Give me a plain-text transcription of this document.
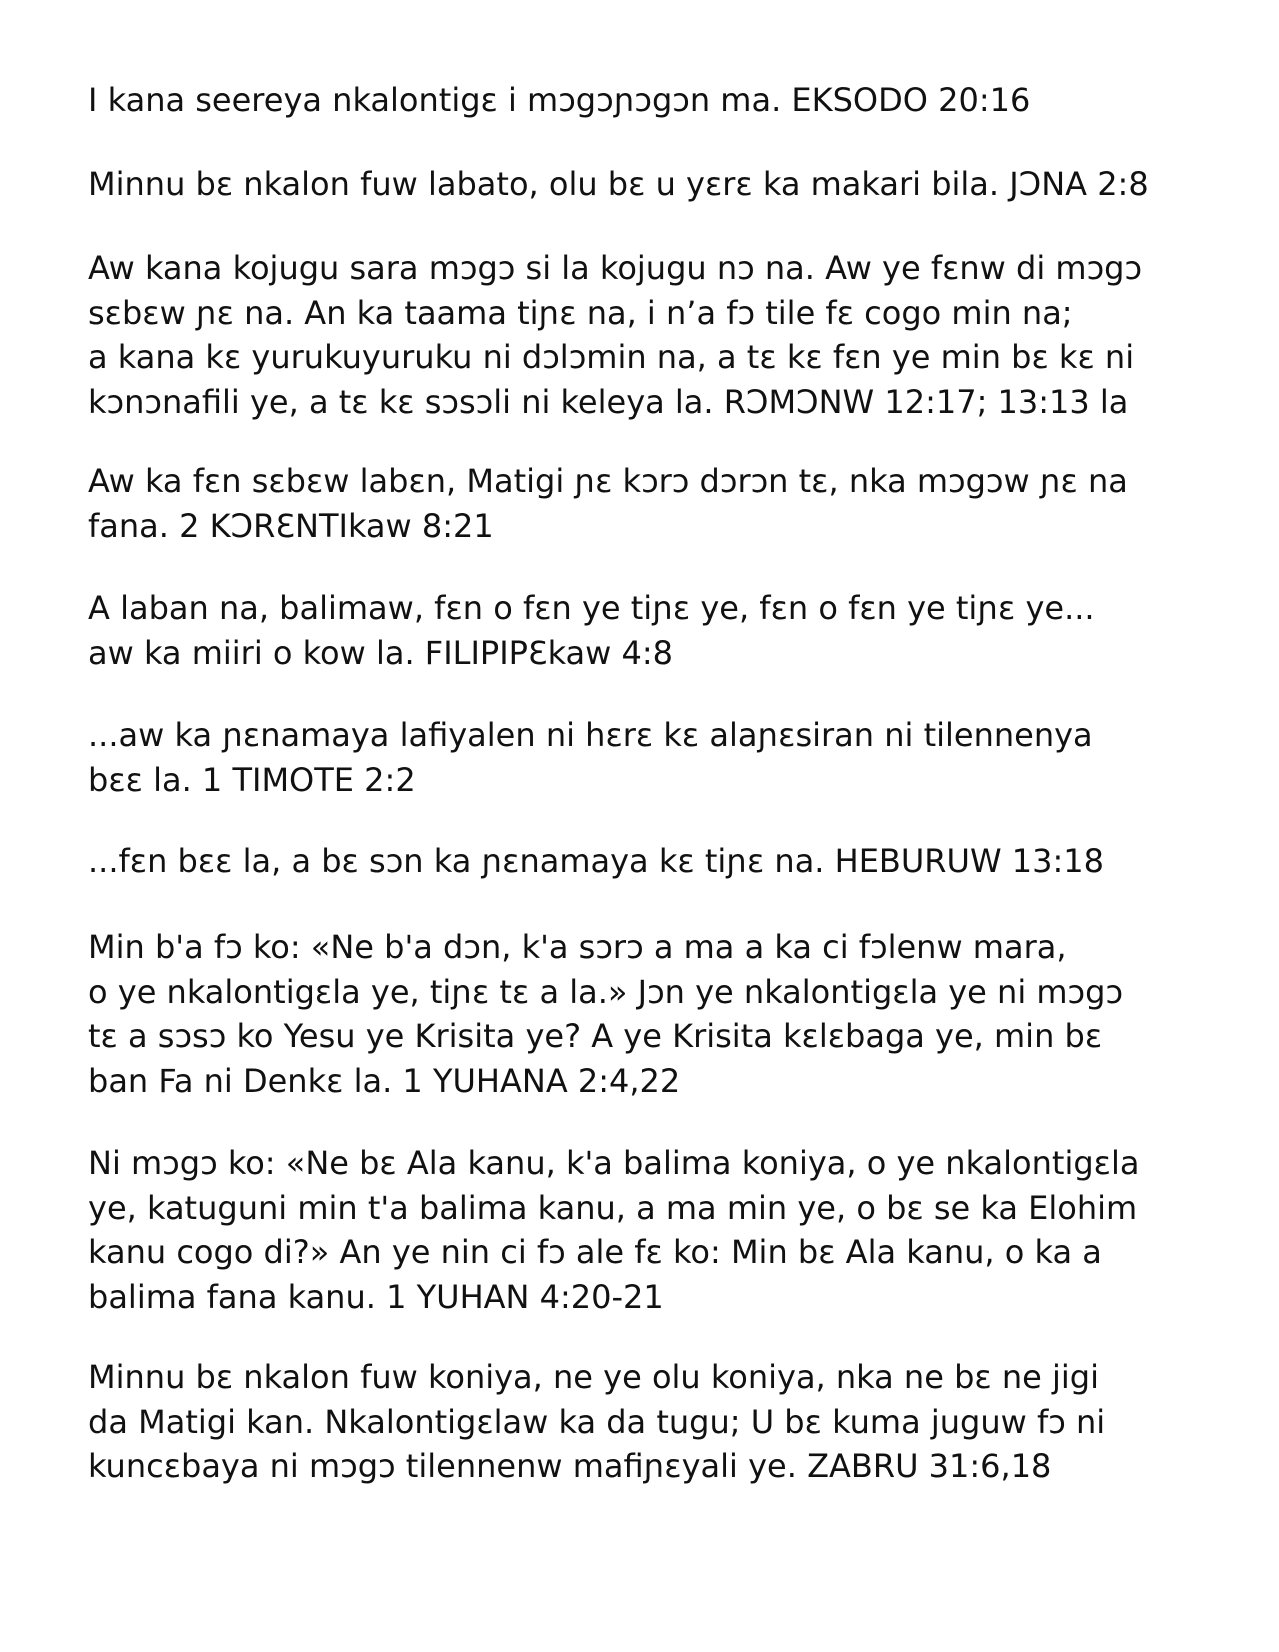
I kana seereya nkalontigɛ i mɔgɔɲɔgɔn ma. EKSODO 20:16

Minnu bɛ nkalon fuw labato, olu bɛ u yɛrɛ ka makari bila. JƆNA 2:8

Aw kana kojugu sara mɔgɔ si la kojugu nɔ na. Aw ye fɛnw di mɔgɔ
sɛbɛw ɲɛ na. An ka taama tiɲɛ na, i n’a fɔ tile fɛ cogo min na;
a kana kɛ yurukuyuruku ni dɔlɔmin na, a tɛ kɛ fɛn ye min bɛ kɛ ni
kɔnɔnafili ye, a tɛ kɛ sɔsɔli ni keleya la. RƆMƆNW 12:17; 13:13 la

Aw ka fɛn sɛbɛw labɛn, Matigi ɲɛ kɔrɔ dɔrɔn tɛ, nka mɔgɔw ɲɛ na
fana. 2 KƆRƐNTIkaw 8:21

A laban na, balimaw, fɛn o fɛn ye tiɲɛ ye, fɛn o fɛn ye tiɲɛ ye...
aw ka miiri o kow la. FILIPIPƐkaw 4:8

...aw ka ɲɛnamaya lafiyalen ni hɛrɛ kɛ alaɲɛsiran ni tilennenya
bɛɛ la. 1 TIMOTE 2:2

...fɛn bɛɛ la, a bɛ sɔn ka ɲɛnamaya kɛ tiɲɛ na. HEBURUW 13:18

Min b'a fɔ ko: «Ne b'a dɔn, k'a sɔrɔ a ma a ka ci fɔlenw mara,
o ye nkalontigɛla ye, tiɲɛ tɛ a la.» Jɔn ye nkalontigɛla ye ni mɔgɔ
tɛ a sɔsɔ ko Yesu ye Krisita ye? A ye Krisita kɛlɛbaga ye, min bɛ
ban Fa ni Denkɛ la. 1 YUHANA 2:4,22

Ni mɔgɔ ko: «Ne bɛ Ala kanu, k'a balima koniya, o ye nkalontigɛla
ye, katuguni min t'a balima kanu, a ma min ye, o bɛ se ka Elohim
kanu cogo di?» An ye nin ci fɔ ale fɛ ko: Min bɛ Ala kanu, o ka a
balima fana kanu. 1 YUHAN 4:20-21

Minnu bɛ nkalon fuw koniya, ne ye olu koniya, nka ne bɛ ne jigi
da Matigi kan. Nkalontigɛlaw ka da tugu; U bɛ kuma juguw fɔ ni
kuncɛbaya ni mɔgɔ tilennenw mafiɲɛyali ye. ZABRU 31:6,18
